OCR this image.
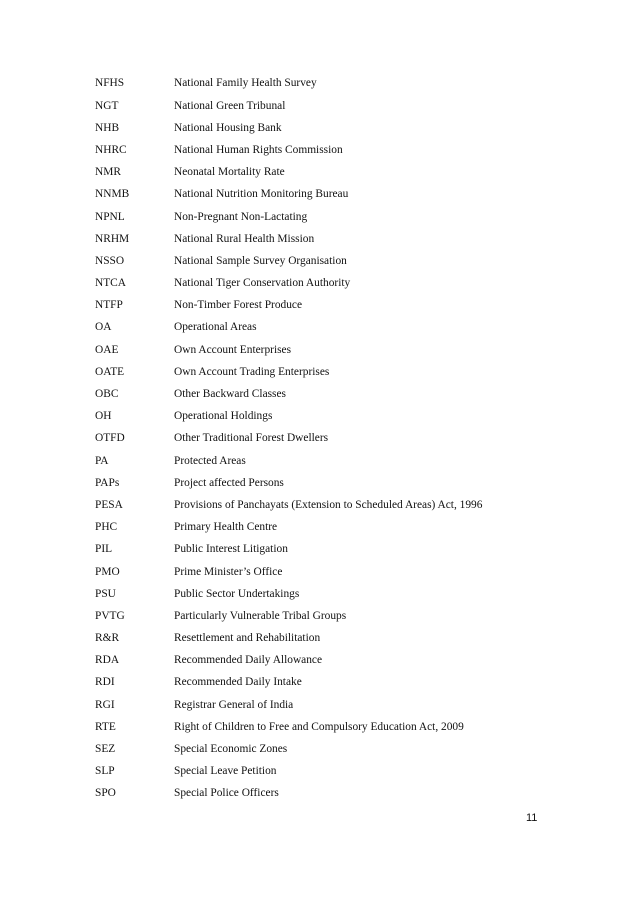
NFHS	National Family Health Survey
NGT	National Green Tribunal
NHB	National Housing Bank
NHRC	National Human Rights Commission
NMR	Neonatal Mortality Rate
NNMB	National Nutrition Monitoring Bureau
NPNL	Non-Pregnant Non-Lactating
NRHM	National Rural Health Mission
NSSO	National Sample Survey Organisation
NTCA	National Tiger Conservation Authority
NTFP	Non-Timber Forest Produce
OA	Operational Areas
OAE	Own Account Enterprises
OATE	Own Account Trading Enterprises
OBC	Other Backward Classes
OH	Operational Holdings
OTFD	Other Traditional Forest Dwellers
PA	Protected Areas
PAPs	Project affected Persons
PESA	Provisions of Panchayats (Extension to Scheduled Areas) Act, 1996
PHC	Primary Health Centre
PIL	Public Interest Litigation
PMO	Prime Minister’s Office
PSU	Public Sector Undertakings
PVTG	Particularly Vulnerable Tribal Groups
R&R	Resettlement and Rehabilitation
RDA	Recommended Daily Allowance
RDI	Recommended Daily Intake
RGI	Registrar General of India
RTE	Right of Children to Free and Compulsory Education Act, 2009
SEZ	Special Economic Zones
SLP	Special Leave Petition
SPO	Special Police Officers
11
